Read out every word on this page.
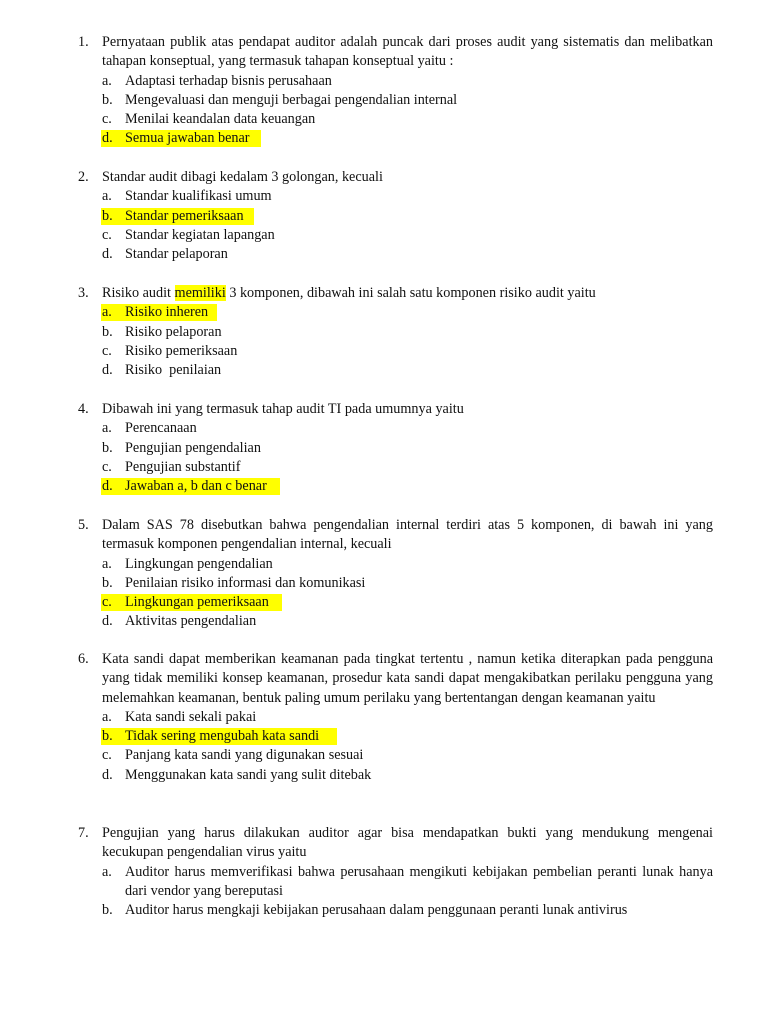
1. Pernyataan publik atas pendapat auditor adalah puncak dari proses audit yang sistematis dan melibatkan tahapan konseptual, yang termasuk tahapan konseptual yaitu :
a. Adaptasi terhadap bisnis perusahaan
b. Mengevaluasi dan menguji berbagai pengendalian internal
c. Menilai keandalan data keuangan
d. Semua jawaban benar
2. Standar audit dibagi kedalam 3 golongan, kecuali
a. Standar kualifikasi umum
b. Standar pemeriksaan
c. Standar kegiatan lapangan
d. Standar pelaporan
3. Risiko audit memiliki 3 komponen, dibawah ini salah satu komponen risiko audit yaitu
a. Risiko inheren
b. Risiko pelaporan
c. Risiko pemeriksaan
d. Risiko  penilaian
4. Dibawah ini yang termasuk tahap audit TI pada umumnya yaitu
a. Perencanaan
b. Pengujian pengendalian
c. Pengujian substantif
d. Jawaban a, b dan c benar
5. Dalam SAS 78 disebutkan bahwa pengendalian internal terdiri atas 5 komponen, di bawah ini yang termasuk komponen pengendalian internal, kecuali
a. Lingkungan pengendalian
b. Penilaian risiko informasi dan komunikasi
c. Lingkungan pemeriksaan
d. Aktivitas pengendalian
6. Kata sandi dapat memberikan keamanan pada tingkat tertentu , namun ketika diterapkan pada pengguna yang tidak memiliki konsep keamanan, prosedur kata sandi dapat mengakibatkan perilaku pengguna yang melemahkan keamanan, bentuk paling umum perilaku yang bertentangan dengan keamanan yaitu
a. Kata sandi sekali pakai
b. Tidak sering mengubah kata sandi
c. Panjang kata sandi yang digunakan sesuai
d. Menggunakan kata sandi yang sulit ditebak
7. Pengujian yang harus dilakukan auditor agar bisa mendapatkan bukti yang mendukung mengenai kecukupan pengendalian virus yaitu
a. Auditor harus memverifikasi bahwa perusahaan mengikuti kebijakan pembelian peranti lunak hanya dari vendor yang bereputasi
b. Auditor harus mengkaji kebijakan perusahaan dalam penggunaan peranti lunak antivirus
